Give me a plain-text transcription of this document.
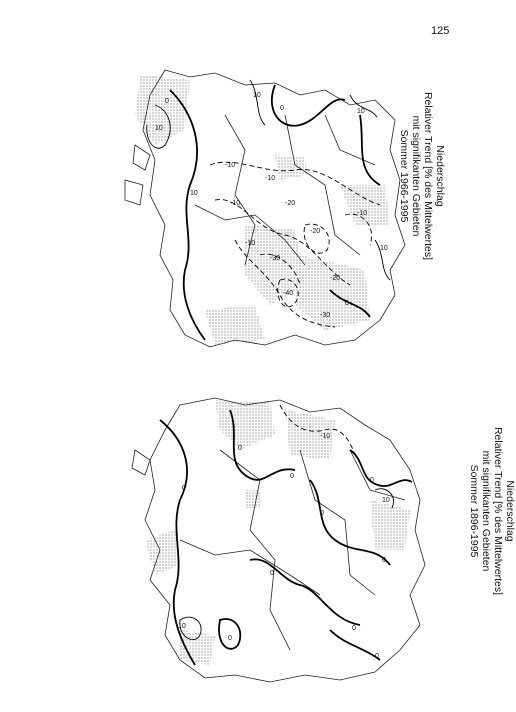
125
0
10
10
-10
0
-10
10
-10	-20
-20
-30
-40
-20
-30
-10
-10
10
0
10
Niederschlag
Relativer Trend [% des Mittelwertes]
mit signifikanten Gebieten
Sommer 1966-1995
0
10
0
0
0
0
0
0
0
0
10
-10
0
Niederschlag
Relativer Trend [% des Mittelwertes]
mit signifikanten Gebieten
Sommer 1896-1995
